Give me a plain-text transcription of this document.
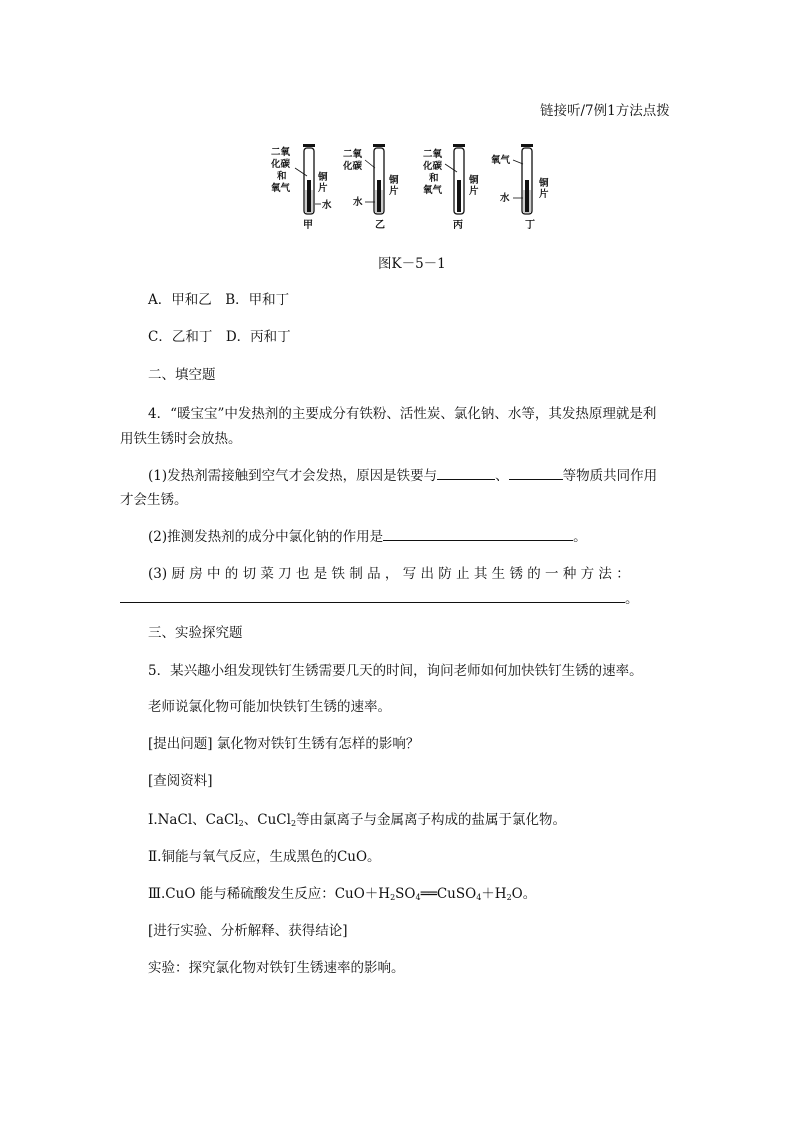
链接听/7例1方法点拨
二氧
化碳
和
氧气
铜
片
水
甲
二氧
化碳
铜
片
水
乙
二氧
化碳
和
氧气
铜
片
丙
氧气
铜
片
水
丁
图K－5－1
A．甲和乙　B．甲和丁
C．乙和丁　D．丙和丁
二、填空题
4．“暖宝宝”中发热剂的主要成分有铁粉、活性炭、氯化钠、水等，其发热原理就是利
用铁生锈时会放热。
(1)发热剂需接触到空气才会发热，原因是铁要与	、	等物质共同作用
才会生锈。
(2)推测发热剂的成分中氯化钠的作用是	。
(3) 厨 房 中 的 切 菜 刀 也 是 铁 制 品 ， 写 出 防 止 其 生 锈 的 一 种 方 法 ：
。
三、实验探究题
5．某兴趣小组发现铁钉生锈需要几天的时间，询问老师如何加快铁钉生锈的速率。
老师说氯化物可能加快铁钉生锈的速率。
[提出问题] 氯化物对铁钉生锈有怎样的影响？
[查阅资料]
Ⅰ.NaCl、CaCl$_2$、CuCl$_2$等由氯离子与金属离子构成的盐属于氯化物。
Ⅱ.铜能与氧气反应，生成黑色的CuO。
Ⅲ.CuO 能与稀硫酸发生反应：$CuO+H_2SO_4══CuSO_4+H_2O$。
[进行实验、分析解释、获得结论]
实验：探究氯化物对铁钉生锈速率的影响。
